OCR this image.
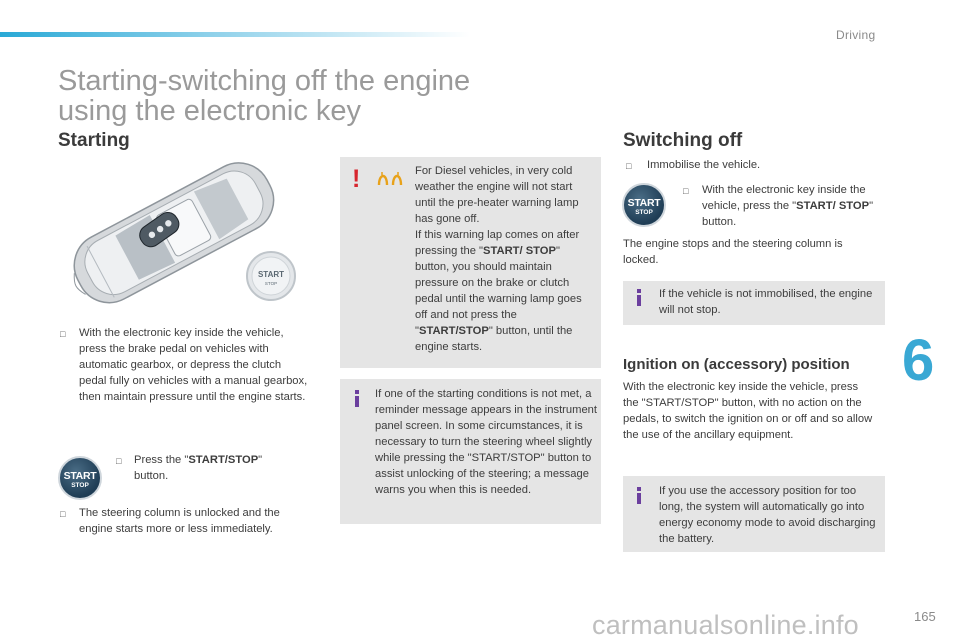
Driving
Starting-switching off the engine
using the electronic key
Starting
START
STOP
□ With the electronic key inside the vehicle, press the brake pedal on vehicles with automatic gearbox, or depress the clutch pedal fully on vehicles with a manual gearbox, then maintain pressure until the engine starts.
START
STOP
□ Press the "START/STOP" button.
□ The steering column is unlocked and the engine starts more or less immediately.
!	For Diesel vehicles, in very cold weather the engine will not start until the pre-heater warning lamp has gone off.
If this warning lap comes on after pressing the "START/ STOP" button, you should maintain pressure on the brake or clutch pedal until the warning lamp goes off and not press the "START/STOP" button, until the engine starts.
If one of the starting conditions is not met, a reminder message appears in the instrument panel screen. In some circumstances, it is necessary to turn the steering wheel slightly while pressing the "START/STOP" button to assist unlocking of the steering; a message warns you when this is needed.
Switching off
□ Immobilise the vehicle.
START
STOP
□ With the electronic key inside the vehicle, press the "START/ STOP" button.
The engine stops and the steering column is locked.
If the vehicle is not immobilised, the engine will not stop.
Ignition on (accessory) position
With the electronic key inside the vehicle, press the "START/STOP" button, with no action on the pedals, to switch the ignition on or off and so allow the use of the ancillary equipment.
If you use the accessory position for too long, the system will automatically go into energy economy mode to avoid discharging the battery.
6
165
carmanualsonline.info
